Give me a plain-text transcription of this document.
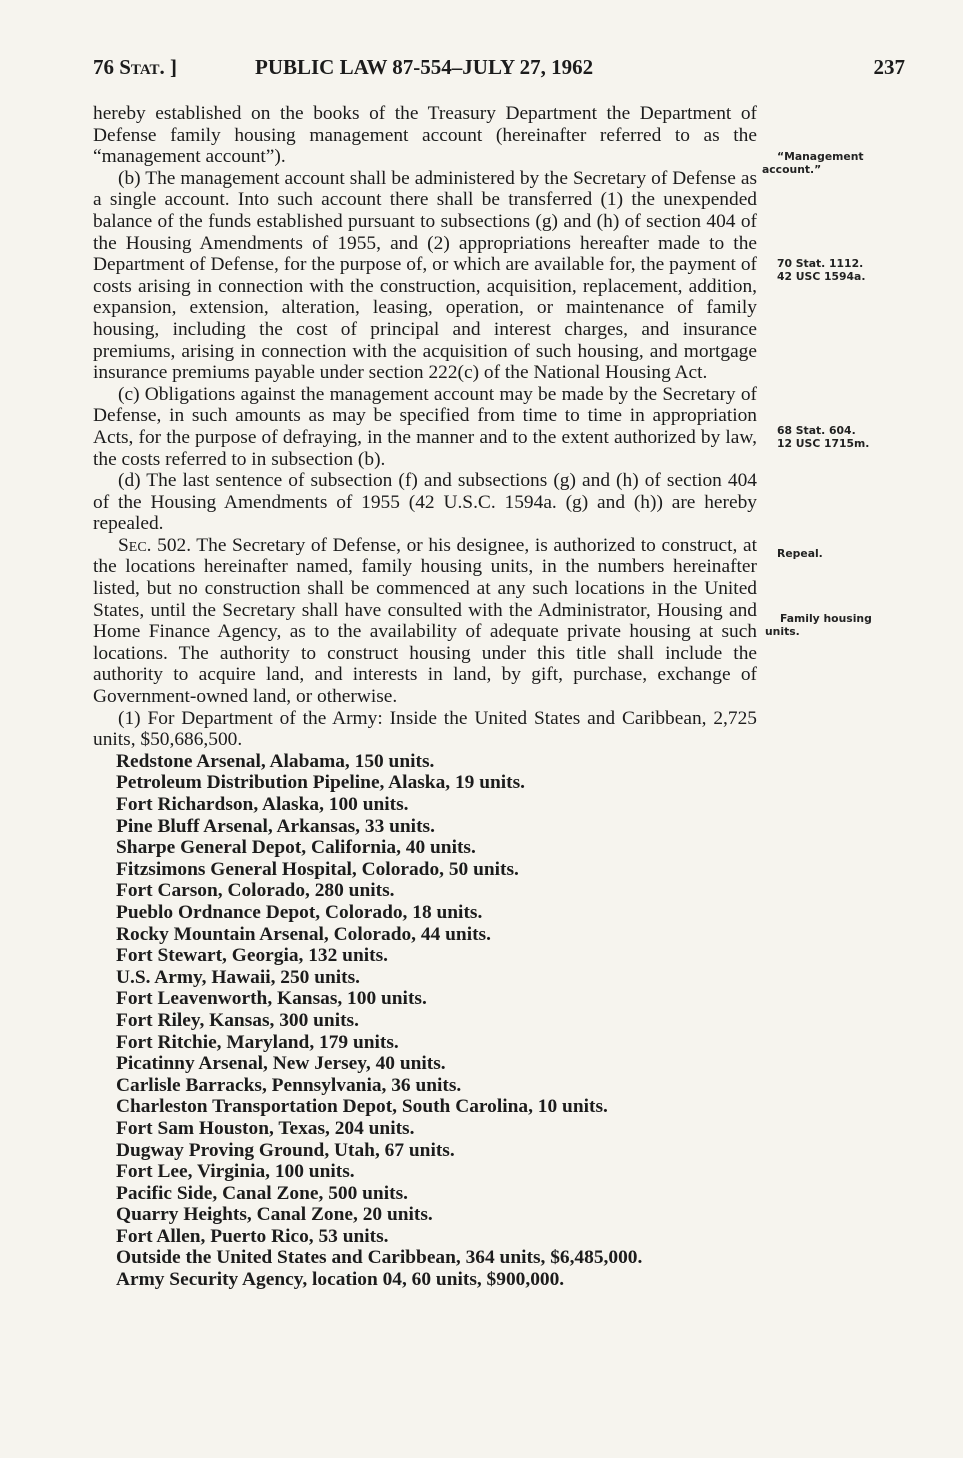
76 Stat. ]	PUBLIC LAW 87-554–JULY 27, 1962	237

hereby established on the books of the Treasury Department the Department of Defense family housing management account (hereinafter referred to as the “management account”).

(b) The management account shall be administered by the Secretary of Defense as a single account. Into such account there shall be transferred (1) the unexpended balance of the funds established pursuant to subsections (g) and (h) of section 404 of the Housing Amendments of 1955, and (2) appropriations hereafter made to the Department of Defense, for the purpose of, or which are available for, the payment of costs arising in connection with the construction, acquisition, replacement, addition, expansion, extension, alteration, leasing, operation, or maintenance of family housing, including the cost of principal and interest charges, and insurance premiums, arising in connection with the acquisition of such housing, and mortgage insurance premiums payable under section 222(c) of the National Housing Act.

(c) Obligations against the management account may be made by the Secretary of Defense, in such amounts as may be specified from time to time in appropriation Acts, for the purpose of defraying, in the manner and to the extent authorized by law, the costs referred to in subsection (b).

(d) The last sentence of subsection (f) and subsections (g) and (h) of section 404 of the Housing Amendments of 1955 (42 U.S.C. 1594a. (g) and (h)) are hereby repealed.

Sec. 502. The Secretary of Defense, or his designee, is authorized to construct, at the locations hereinafter named, family housing units, in the numbers hereinafter listed, but no construction shall be commenced at any such locations in the United States, until the Secretary shall have consulted with the Administrator, Housing and Home Finance Agency, as to the availability of adequate private housing at such locations. The authority to construct housing under this title shall include the authority to acquire land, and interests in land, by gift, purchase, exchange of Government-owned land, or otherwise.

(1) For Department of the Army: Inside the United States and Caribbean, 2,725 units, $50,686,500.

Redstone Arsenal, Alabama, 150 units.
Petroleum Distribution Pipeline, Alaska, 19 units.
Fort Richardson, Alaska, 100 units.
Pine Bluff Arsenal, Arkansas, 33 units.
Sharpe General Depot, California, 40 units.
Fitzsimons General Hospital, Colorado, 50 units.
Fort Carson, Colorado, 280 units.
Pueblo Ordnance Depot, Colorado, 18 units.
Rocky Mountain Arsenal, Colorado, 44 units.
Fort Stewart, Georgia, 132 units.
U.S. Army, Hawaii, 250 units.
Fort Leavenworth, Kansas, 100 units.
Fort Riley, Kansas, 300 units.
Fort Ritchie, Maryland, 179 units.
Picatinny Arsenal, New Jersey, 40 units.
Carlisle Barracks, Pennsylvania, 36 units.
Charleston Transportation Depot, South Carolina, 10 units.
Fort Sam Houston, Texas, 204 units.
Dugway Proving Ground, Utah, 67 units.
Fort Lee, Virginia, 100 units.
Pacific Side, Canal Zone, 500 units.
Quarry Heights, Canal Zone, 20 units.
Fort Allen, Puerto Rico, 53 units.
Outside the United States and Caribbean, 364 units, $6,485,000.
Army Security Agency, location 04, 60 units, $900,000.
“Management
account.”
70 Stat. 1112.
42 USC 1594a.
68 Stat. 604.
12 USC 1715m.
Repeal.
Family housing
units.
